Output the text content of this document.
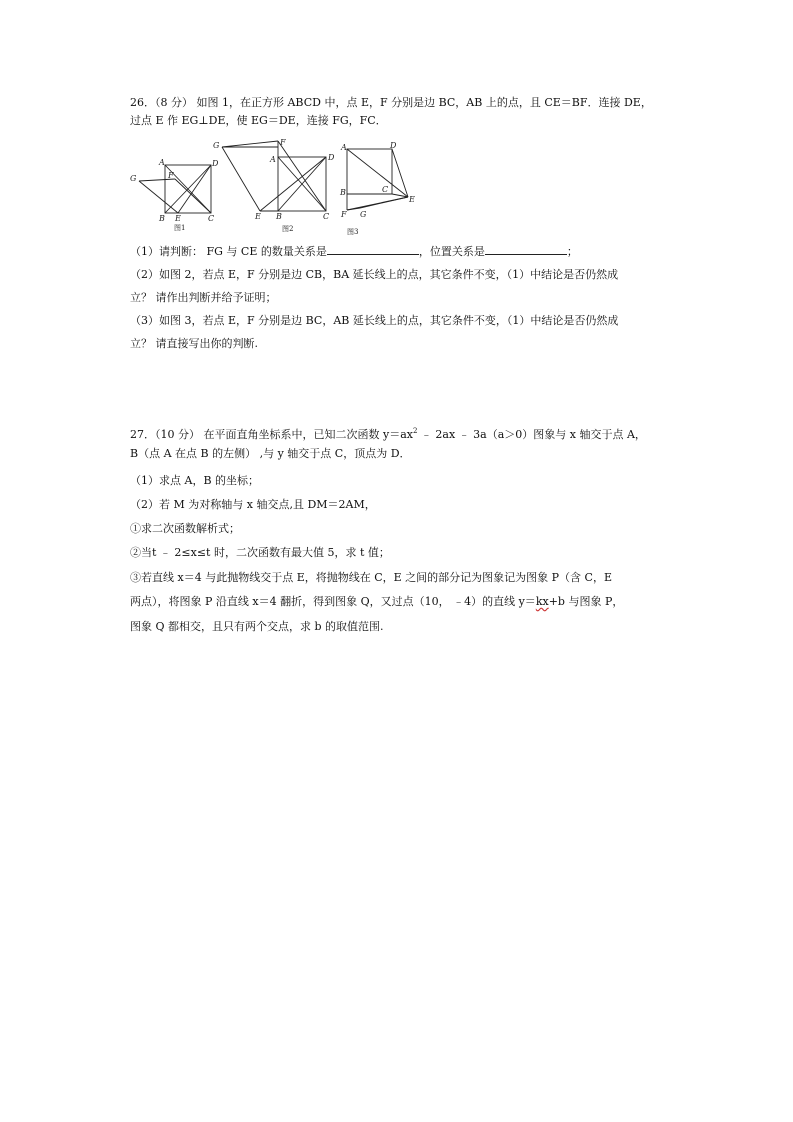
26．（8 分） 如图 1，在正方形 ABCD 中，点 E，F 分别是边 BC，AB 上的点，且 CE＝BF．连接 DE，
过点 E 作 EG⊥DE，使 EG＝DE，连接 FG，FC．
A	D
F
G
B E	C
图1
G	F
A	D
E B	C
图2
A	D
B	C
E
F G
图3
（1）请判断： FG 与 CE 的数量关系是	，位置关系是	；
（2）如图 2，若点 E，F 分别是边 CB，BA 延长线上的点，其它条件不变，（1）中结论是否仍然成
立？ 请作出判断并给予证明；
（3）如图 3，若点 E，F 分别是边 BC，AB 延长线上的点，其它条件不变，（1）中结论是否仍然成
立？ 请直接写出你的判断.
27．（10 分） 在平面直角坐标系中，已知二次函数 $y=ax^2$ ﹣ 2ax ﹣ 3a（a＞0）图象与 x 轴交于点 A，
B（点 A 在点 B 的左侧） ,与 y 轴交于点 C，顶点为 D．
（1）求点 A，B 的坐标；
（2）若 M 为对称轴与 x 轴交点,且 DM＝2AM，
①求二次函数解析式；
②当t ﹣ 2≤x≤t 时，二次函数有最大值 5，求 t 值；
③若直线 x＝4 与此抛物线交于点 E，将抛物线在 C，E 之间的部分记为图象记为图象 P（含 C，E
两点），将图象 P 沿直线 x＝4 翻折，得到图象 Q，又过点（10， ﹣4）的直线 y＝kx+b 与图象 P，
图象 Q 都相交，且只有两个交点，求 b 的取值范围.
